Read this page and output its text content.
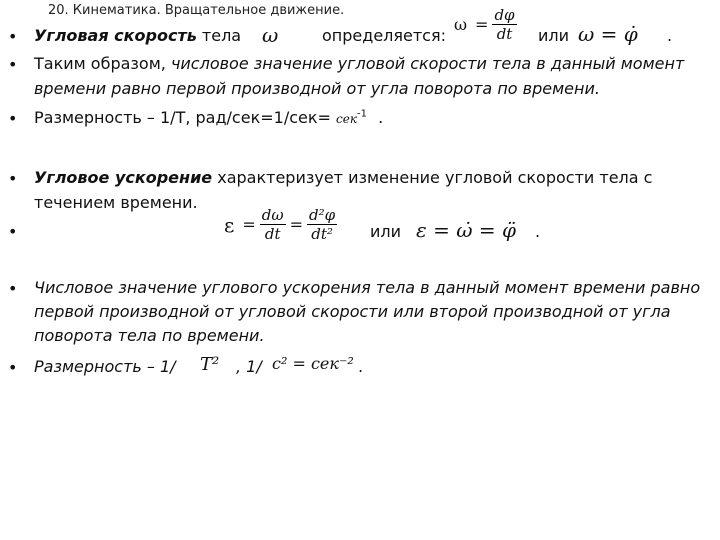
20. Кинематика. Вращательное движение.
• Угловая скорость тела ω	определяется:
$\omega = \frac{d\varphi}{dt}$ или ω = φ̇ .
• Таким образом, числовое значение угловой скорости тела в данный момент
времени равно первой производной от угла поворота по времени.
• Размерность – 1/Т, рад/сек=1/сек= сек$^{-1}$ .
• Угловое ускорение характеризует изменение угловой скорости тела с
течением времени.
•	$\varepsilon = \frac{d\omega}{dt} = \frac{\text{d²φ}}{\text{dt²}}$ или ε = ω̇ = φ̈ .
• Числовое значение углового ускорения тела в данный момент времени равно
первой производной от угловой скорости или второй производной от угла
поворота тела по времени.
• Размерность – 1/ T² , 1/ c² = сек⁻² .
